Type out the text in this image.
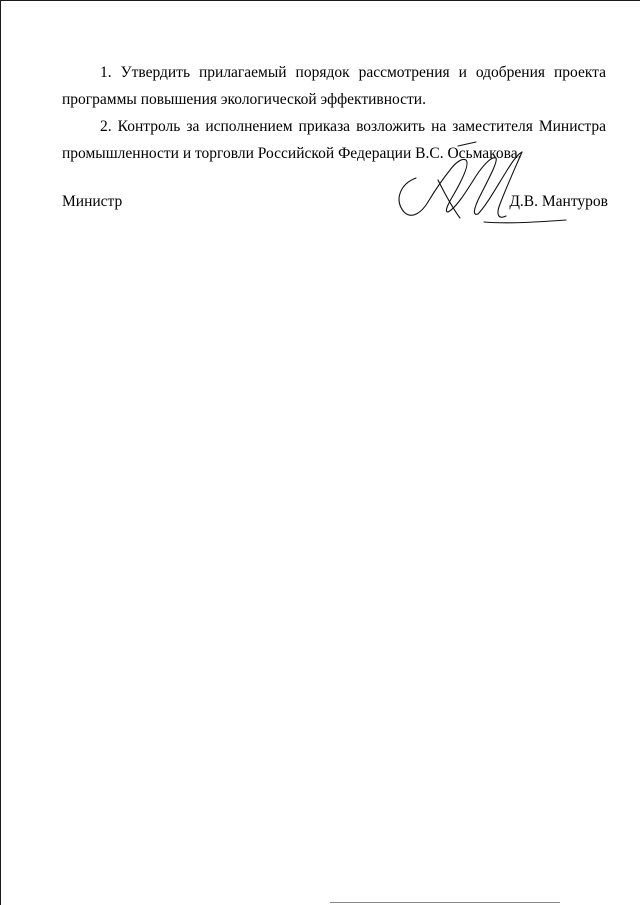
1. Утвердить прилагаемый порядок рассмотрения и одобрения проекта программы повышения экологической эффективности.
2. Контроль за исполнением приказа возложить на заместителя Министра промышленности и торговли Российской Федерации В.С. Осьмакова.
Министр	Д.В. Мантуров
